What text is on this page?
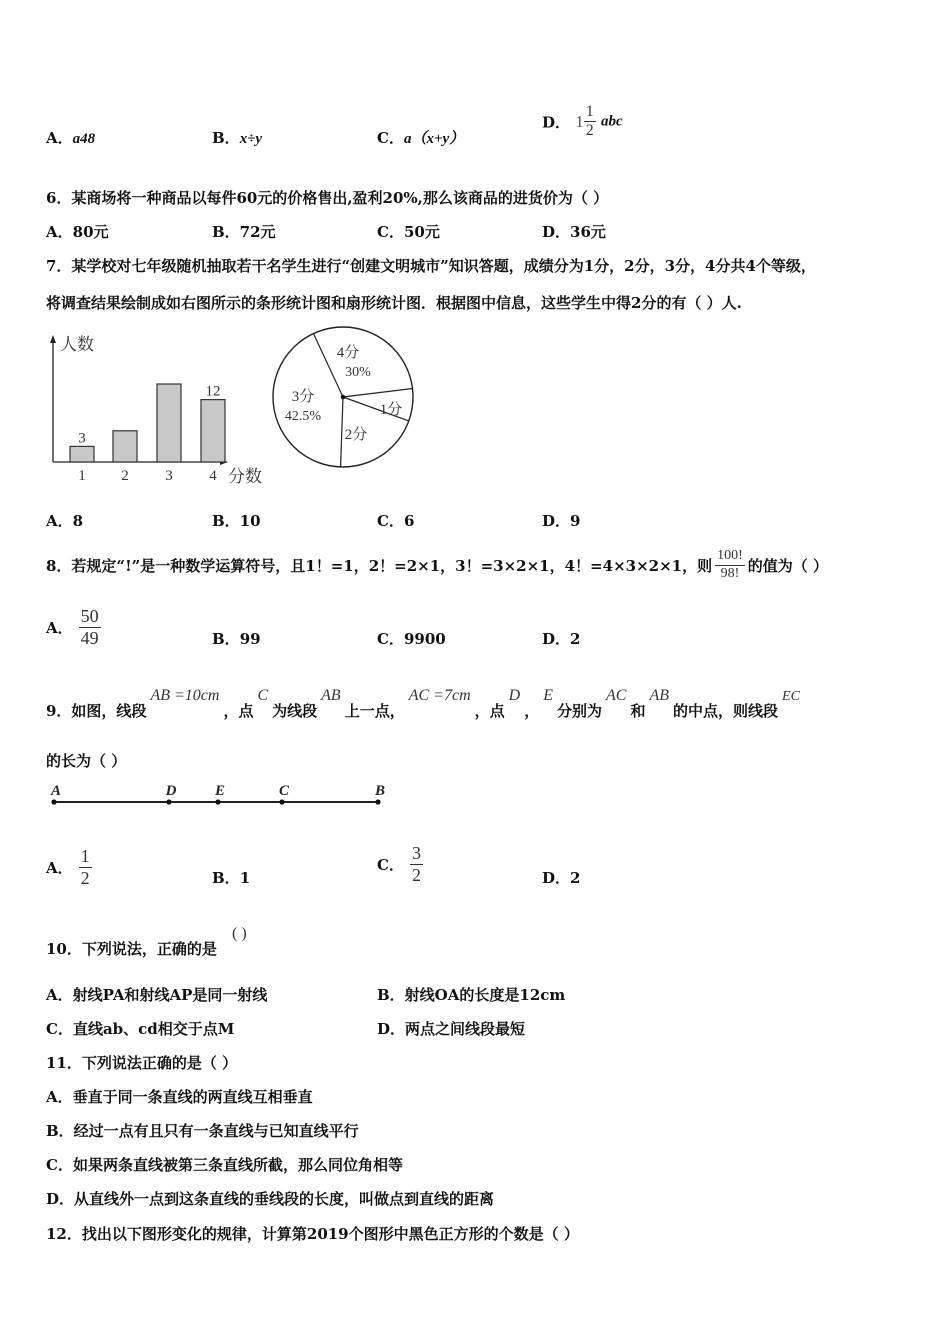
A．a48	B．x÷y	C．a（x+y）
D． $1 \frac{1}{2}$ abc
6．某商场将一种商品以每件60元的价格售出,盈利20%,那么该商品的进货价为（ ）
A．80元	B．72元	C．50元	D．36元
7．某学校对七年级随机抽取若干名学生进行“创建文明城市”知识答题，成绩分为1分，2分，3分，4分共4个等级，
将调查结果绘制成如右图所示的条形统计图和扇形统计图．根据图中信息，这些学生中得2分的有（ ）人.
人数
分数
1
3
2 3 4
12
4分
30%
1分
2分
3分
42.5%
A．8	B．10	C．6	D．9
8．若规定“!”是一种数学运算符号，且1！=1，2！=2×1，3！=3×2×1，4！=4×3×2×1，则 $\frac{100!}{98!}$ 的值为（ ）
A． $\frac{50}{49}$	B．99	C．9900	D．2
9．如图，线段AB =10cm，点C为线段AB上一点，AC =7cm，点D，E分别为AC和AB的中点，则线段EC
的长为（ ）
A	D	E	C	B
A． $\frac{1}{2}$	B．1
C． $\frac{3}{2}$	D．2
10．下列说法，正确的是
( )
A．射线PA和射线AP是同一射线	B．射线OA的长度是12cm
C．直线ab、cd相交于点M	D．两点之间线段最短
11．下列说法正确的是（ ）
A．垂直于同一条直线的两直线互相垂直
B．经过一点有且只有一条直线与已知直线平行
C．如果两条直线被第三条直线所截，那么同位角相等
D．从直线外一点到这条直线的垂线段的长度，叫做点到直线的距离
12．找出以下图形变化的规律，计算第2019个图形中黑色正方形的个数是（ ）
